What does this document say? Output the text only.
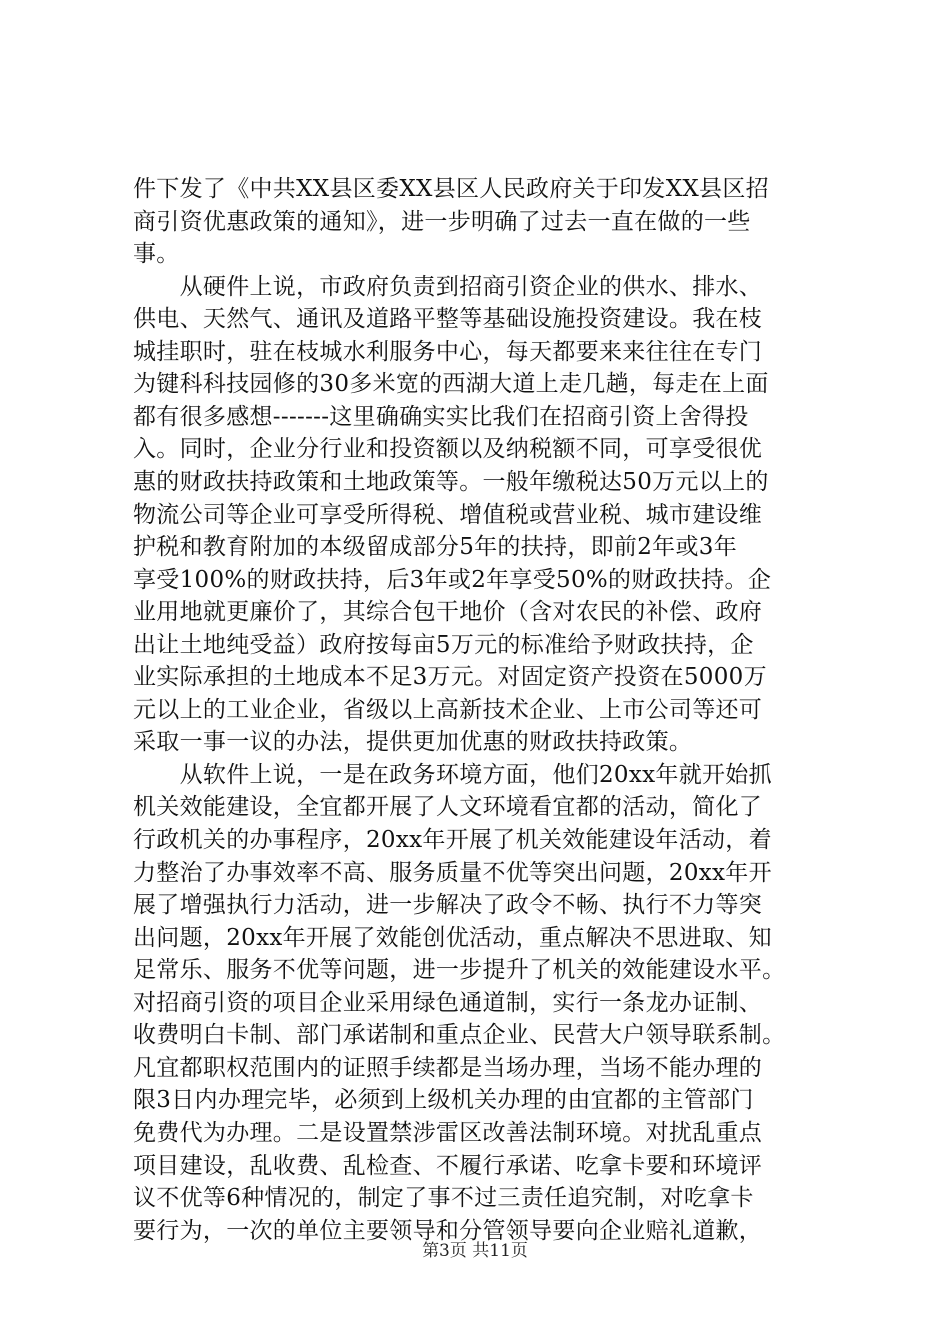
件下发了《中共XX县区委XX县区人民政府关于印发XX县区招
商引资优惠政策的通知》，进一步明确了过去一直在做的一些
事。
　　从硬件上说，市政府负责到招商引资企业的供水、排水、
供电、天然气、通讯及道路平整等基础设施投资建设。我在枝
城挂职时，驻在枝城水利服务中心，每天都要来来往往在专门
为键科科技园修的30多米宽的西湖大道上走几趟，每走在上面
都有很多感想-------这里确确实实比我们在招商引资上舍得投
入。同时，企业分行业和投资额以及纳税额不同，可享受很优
惠的财政扶持政策和土地政策等。一般年缴税达50万元以上的
物流公司等企业可享受所得税、增值税或营业税、城市建设维
护税和教育附加的本级留成部分5年的扶持，即前2年或3年
享受100%的财政扶持，后3年或2年享受50%的财政扶持。企
业用地就更廉价了，其综合包干地价（含对农民的补偿、政府
出让土地纯受益）政府按每亩5万元的标准给予财政扶持，企
业实际承担的土地成本不足3万元。对固定资产投资在5000万
元以上的工业企业，省级以上高新技术企业、上市公司等还可
采取一事一议的办法，提供更加优惠的财政扶持政策。
　　从软件上说，一是在政务环境方面，他们20xx年就开始抓
机关效能建设，全宜都开展了人文环境看宜都的活动，简化了
行政机关的办事程序，20xx年开展了机关效能建设年活动，着
力整治了办事效率不高、服务质量不优等突出问题，20xx年开
展了增强执行力活动，进一步解决了政令不畅、执行不力等突
出问题，20xx年开展了效能创优活动，重点解决不思进取、知
足常乐、服务不优等问题，进一步提升了机关的效能建设水平。
对招商引资的项目企业采用绿色通道制，实行一条龙办证制、
收费明白卡制、部门承诺制和重点企业、民营大户领导联系制。
凡宜都职权范围内的证照手续都是当场办理，当场不能办理的
限3日内办理完毕，必须到上级机关办理的由宜都的主管部门
免费代为办理。二是设置禁涉雷区改善法制环境。对扰乱重点
项目建设，乱收费、乱检查、不履行承诺、吃拿卡要和环境评
议不优等6种情况的，制定了事不过三责任追究制，对吃拿卡
要行为，一次的单位主要领导和分管领导要向企业赔礼道歉，
第3页 共11页
